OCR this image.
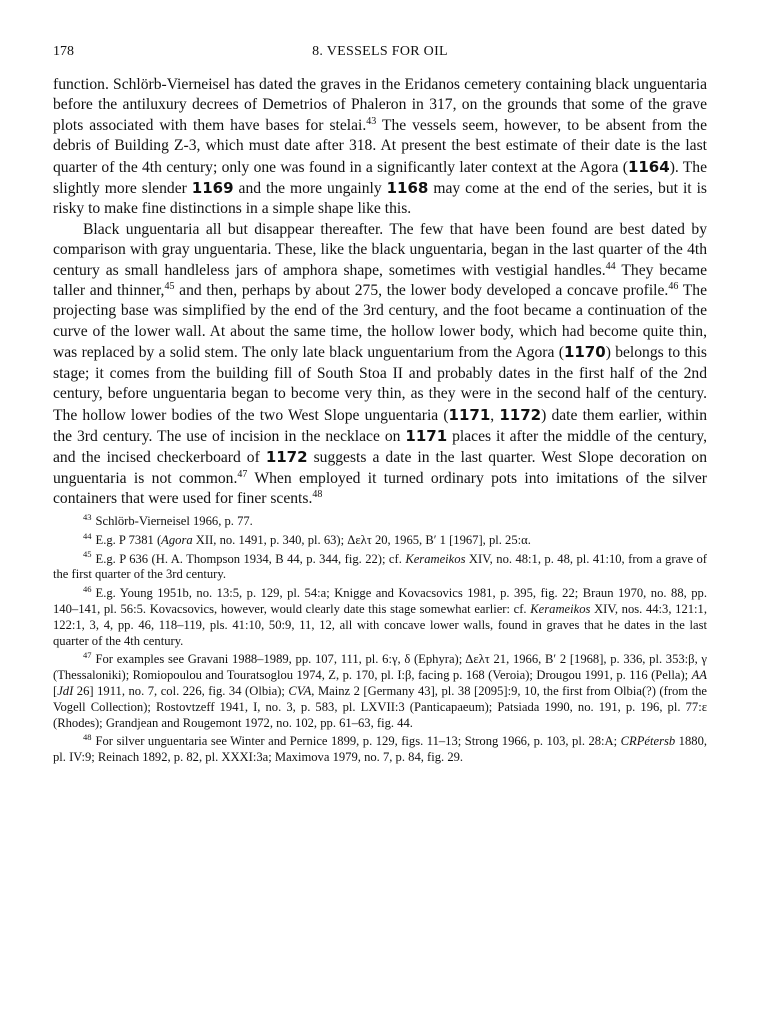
178	8. VESSELS FOR OIL

function. Schlörb-Vierneisel has dated the graves in the Eridanos cemetery containing black unguentaria before the antiluxury decrees of Demetrios of Phaleron in 317, on the grounds that some of the grave plots associated with them have bases for stelai.$^{43}$ The vessels seem, however, to be absent from the debris of Building Z-3, which must date after 318. At present the best estimate of their date is the last quarter of the 4th century; only one was found in a significantly later context at the Agora (1164). The slightly more slender 1169 and the more ungainly 1168 may come at the end of the series, but it is risky to make fine distinctions in a simple shape like this.

Black unguentaria all but disappear thereafter. The few that have been found are best dated by comparison with gray unguentaria. These, like the black unguentaria, began in the last quarter of the 4th century as small handleless jars of amphora shape, sometimes with vestigial handles.$^{44}$ They became taller and thinner,$^{45}$ and then, perhaps by about 275, the lower body developed a concave profile.$^{46}$ The projecting base was simplified by the end of the 3rd century, and the foot became a continuation of the curve of the lower wall. At about the same time, the hollow lower body, which had become quite thin, was replaced by a solid stem. The only late black unguentarium from the Agora (1170) belongs to this stage; it comes from the building fill of South Stoa II and probably dates in the first half of the 2nd century, before unguentaria began to become very thin, as they were in the second half of the century. The hollow lower bodies of the two West Slope unguentaria (1171, 1172) date them earlier, within the 3rd century. The use of incision in the necklace on 1171 places it after the middle of the century, and the incised checkerboard of 1172 suggests a date in the last quarter. West Slope decoration on unguentaria is not common.$^{47}$ When employed it turned ordinary pots into imitations of the silver containers that were used for finer scents.$^{48}$

$^{43}$ Schlörb-Vierneisel 1966, p. 77.

$^{44}$ E.g. P 7381 (Agora XII, no. 1491, p. 340, pl. 63); Δελτ 20, 1965, B′ 1 [1967], pl. 25:α.

$^{45}$ E.g. P 636 (H. A. Thompson 1934, B 44, p. 344, fig. 22); cf. Kerameikos XIV, no. 48:1, p. 48, pl. 41:10, from a grave of the first quarter of the 3rd century.

$^{46}$ E.g. Young 1951b, no. 13:5, p. 129, pl. 54:a; Knigge and Kovacsovics 1981, p. 395, fig. 22; Braun 1970, no. 88, pp. 140–141, pl. 56:5. Kovacsovics, however, would clearly date this stage somewhat earlier: cf. Kerameikos XIV, nos. 44:3, 121:1, 122:1, 3, 4, pp. 46, 118–119, pls. 41:10, 50:9, 11, 12, all with concave lower walls, found in graves that he dates in the last quarter of the 4th century.

$^{47}$ For examples see Gravani 1988–1989, pp. 107, 111, pl. 6:γ, δ (Ephyra); Δελτ 21, 1966, B′ 2 [1968], p. 336, pl. 353:β, γ (Thessaloniki); Romiopoulou and Touratsoglou 1974, Z, p. 170, pl. I:β, facing p. 168 (Veroia); Drougou 1991, p. 116 (Pella); AA [JdI 26] 1911, no. 7, col. 226, fig. 34 (Olbia); CVA, Mainz 2 [Germany 43], pl. 38 [2095]:9, 10, the first from Olbia(?) (from the Vogell Collection); Rostovtzeff 1941, I, no. 3, p. 583, pl. LXVII:3 (Panticapaeum); Patsiada 1990, no. 191, p. 196, pl. 77:ε (Rhodes); Grandjean and Rougemont 1972, no. 102, pp. 61–63, fig. 44.

$^{48}$ For silver unguentaria see Winter and Pernice 1899, p. 129, figs. 11–13; Strong 1966, p. 103, pl. 28:A; CRPétersb 1880, pl. IV:9; Reinach 1892, p. 82, pl. XXXI:3a; Maximova 1979, no. 7, p. 84, fig. 29.
